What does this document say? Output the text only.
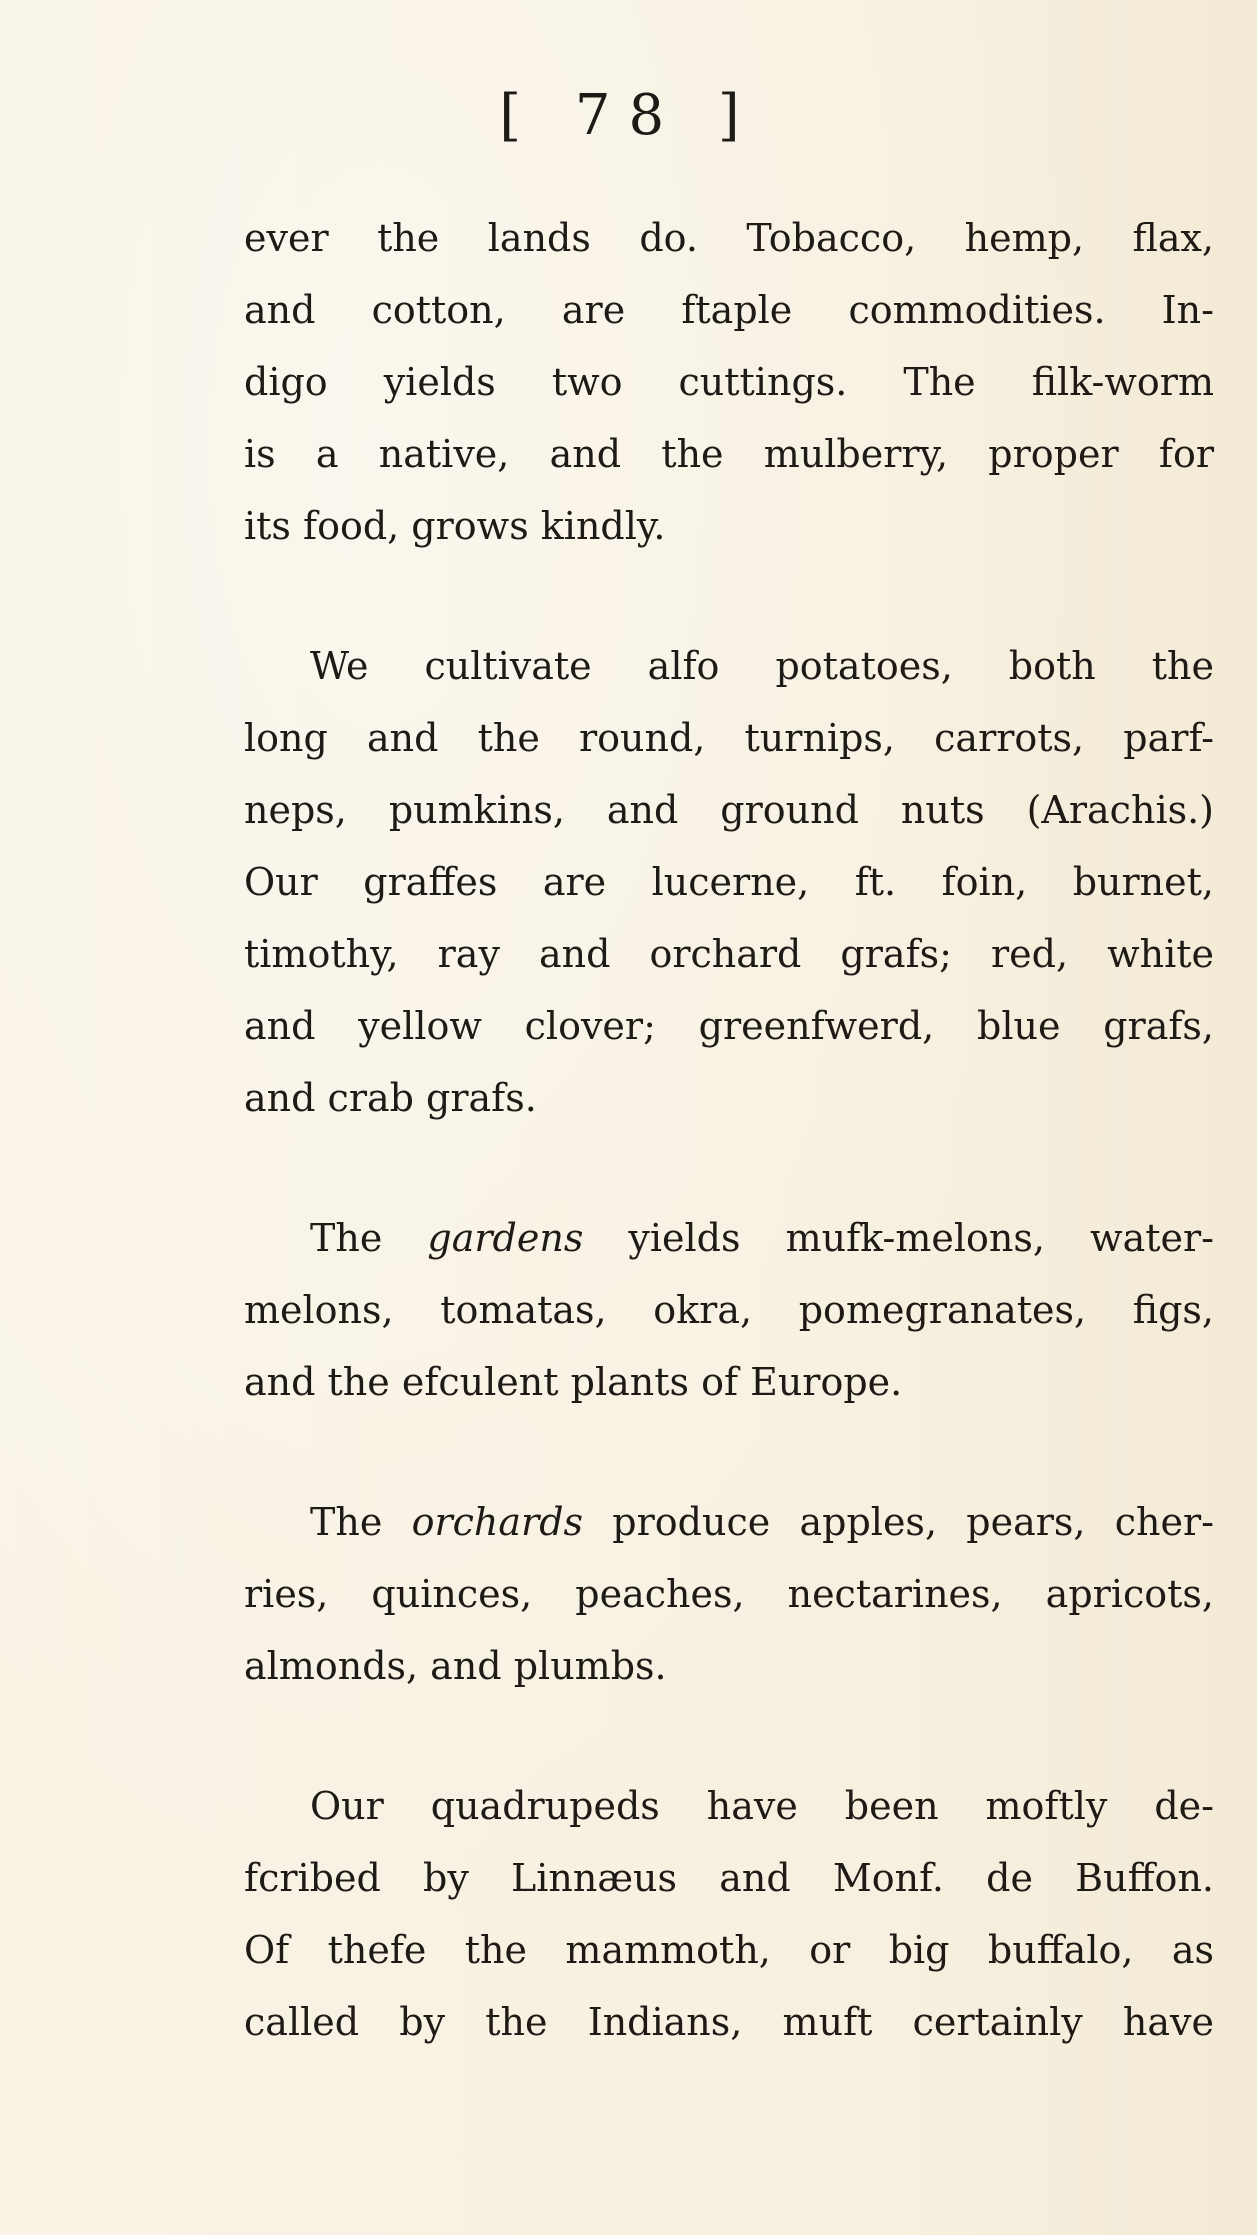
[ 78 ]
ever the lands do. Tobacco, hemp, flax,
and cotton, are ftaple commodities. In-
digo yields two cuttings. The filk-worm
is a native, and the mulberry, proper for
its food, grows kindly.
We cultivate alfo potatoes, both the
long and the round, turnips, carrots, parf-
neps, pumkins, and ground nuts (Arachis.)
Our graffes are lucerne, ft. foin, burnet,
timothy, ray and orchard grafs; red, white
and yellow clover; greenfwerd, blue grafs,
and crab grafs.
The gardens yields mufk-melons, water-
melons, tomatas, okra, pomegranates, figs,
and the efculent plants of Europe.
The orchards produce apples, pears, cher-
ries, quinces, peaches, nectarines, apricots,
almonds, and plumbs.
Our quadrupeds have been moftly de-
fcribed by Linnæus and Monf. de Buffon.
Of thefe the mammoth, or big buffalo, as
called by the Indians, muft certainly have
